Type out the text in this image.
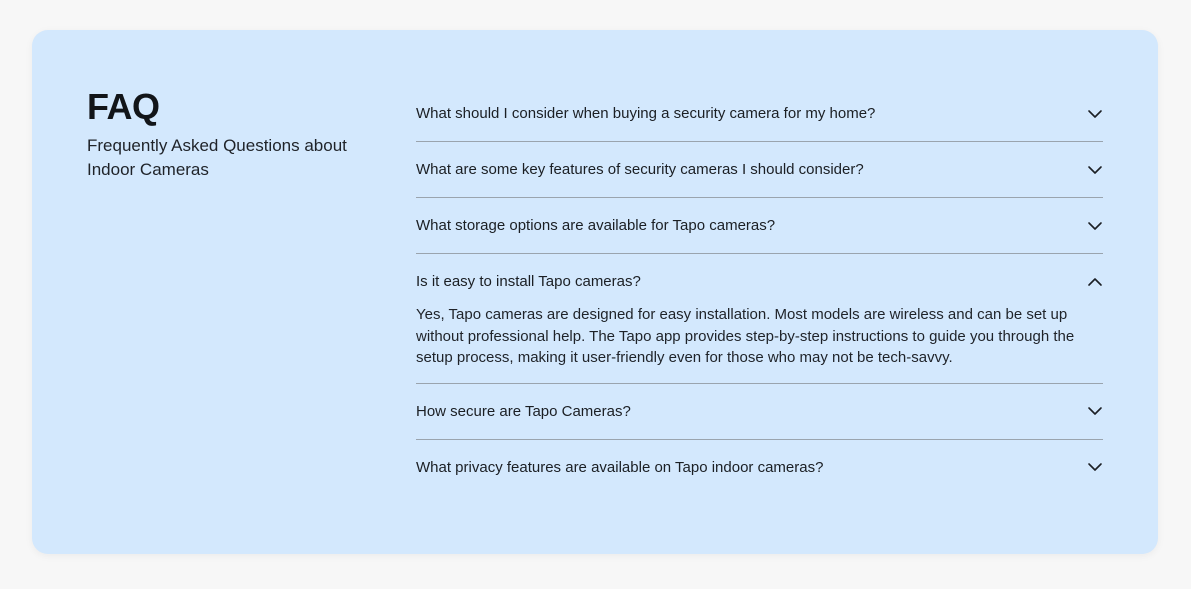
FAQ
Frequently Asked Questions about Indoor Cameras
What should I consider when buying a security camera for my home?
What are some key features of security cameras I should consider?
What storage options are available for Tapo cameras?
Is it easy to install Tapo cameras?
Yes, Tapo cameras are designed for easy installation. Most models are wireless and can be set up without professional help. The Tapo app provides step-by-step instructions to guide you through the setup process, making it user-friendly even for those who may not be tech-savvy.
How secure are Tapo Cameras?
What privacy features are available on Tapo indoor cameras?
